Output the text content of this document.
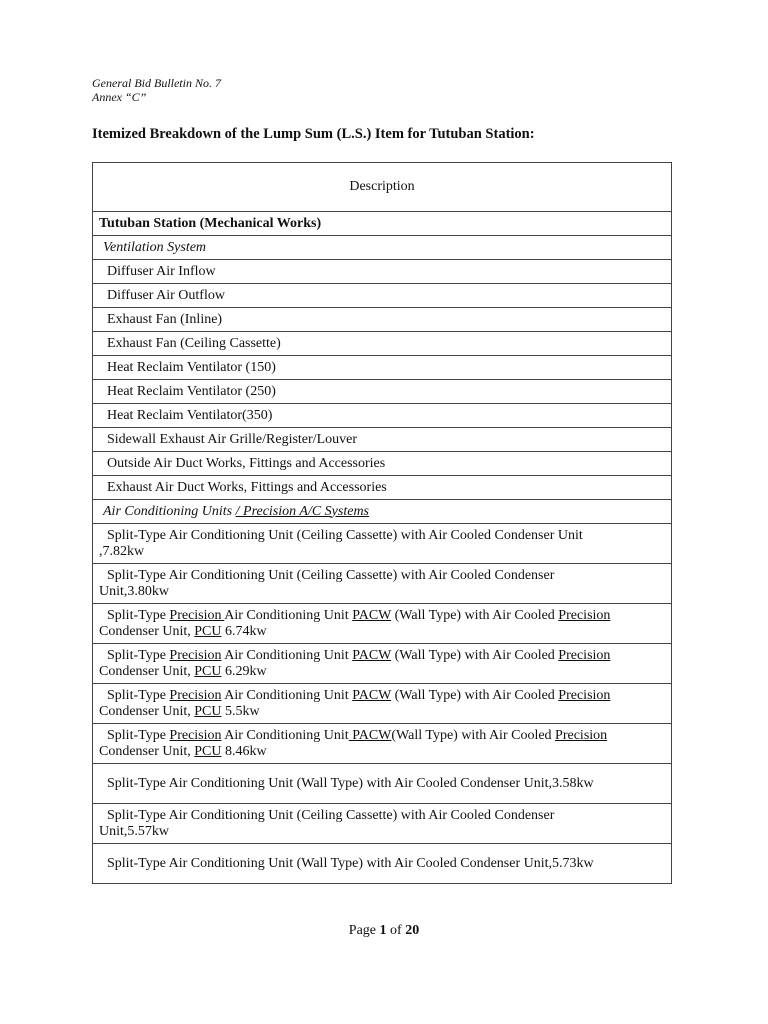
General Bid Bulletin No. 7
Annex “C”
Itemized Breakdown of the Lump Sum (L.S.) Item for Tutuban Station:
Description
Tutuban Station (Mechanical Works)
Ventilation System
Diffuser Air Inflow
Diffuser Air Outflow
Exhaust Fan (Inline)
Exhaust Fan (Ceiling Cassette)
Heat Reclaim Ventilator (150)
Heat Reclaim Ventilator (250)
Heat Reclaim Ventilator(350)
Sidewall Exhaust Air Grille/Register/Louver
Outside Air Duct Works, Fittings and Accessories
Exhaust Air Duct Works, Fittings and Accessories
Air Conditioning Units / Precision A/C Systems

Split-Type Air Conditioning Unit (Ceiling Cassette) with Air Cooled Condenser Unit
,7.82kw

Split-Type Air Conditioning Unit (Ceiling Cassette) with Air Cooled Condenser
Unit,3.80kw

Split-Type Precision Air Conditioning Unit PACW (Wall Type) with Air Cooled Precision
Condenser Unit, PCU 6.74kw

Split-Type Precision Air Conditioning Unit PACW (Wall Type) with Air Cooled Precision
Condenser Unit, PCU 6.29kw

Split-Type Precision Air Conditioning Unit PACW (Wall Type) with Air Cooled Precision
Condenser Unit, PCU 5.5kw

Split-Type Precision Air Conditioning Unit PACW(Wall Type) with Air Cooled Precision
Condenser Unit, PCU 8.46kw

Split-Type Air Conditioning Unit (Wall Type) with Air Cooled Condenser Unit,3.58kw

Split-Type Air Conditioning Unit (Ceiling Cassette) with Air Cooled Condenser
Unit,5.57kw

Split-Type Air Conditioning Unit (Wall Type) with Air Cooled Condenser Unit,5.73kw
Page 1 of 20
